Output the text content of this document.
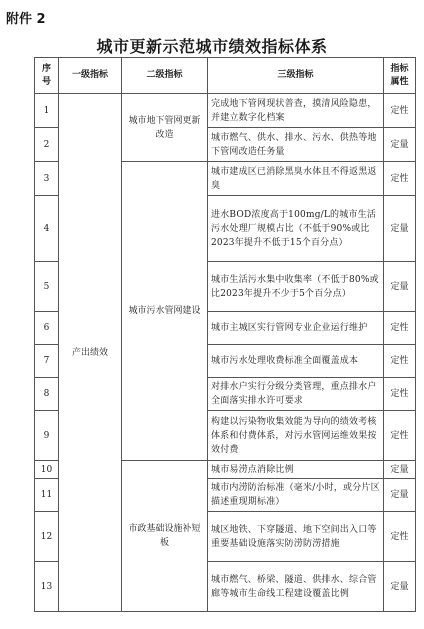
附件 2
城市更新示范城市绩效指标体系
序号	一级指标	二级指标	三级指标	指标属性
1	产出绩效	城市地下管网更新改造	完成地下管网现状普查，摸清风险隐患，并建立数字化档案	定性
2			城市燃气、供水、排水、污水、供热等地下管网改造任务量	定量
3		城市污水管网建设	城市建成区已消除黑臭水体且不得返黑返臭	定性
4			进水BOD浓度高于100mg/L的城市生活污水处理厂规模占比（不低于90%或比2023年提升不低于15个百分点）	定量
5			城市生活污水集中收集率（不低于80%或比2023年提升不少于5个百分点）	定量
6			城市主城区实行管网专业企业运行维护	定性
7			城市污水处理收费标准全面覆盖成本	定性
8			对排水户实行分级分类管理，重点排水户全面落实排水许可要求	定性
9			构建以污染物收集效能为导向的绩效考核体系和付费体系，对污水管网运维效果按效付费	定性
10		市政基础设施补短板	城市易涝点消除比例	定量
11			城市内涝防治标准（毫米/小时，或分片区描述重现期标准）	定量
12			城区地铁、下穿隧道、地下空间出入口等重要基础设施落实防涝防涝措施	定性
13			城市燃气、桥梁、隧道、供排水、综合管廊等城市生命线工程建设覆盖比例	定量
